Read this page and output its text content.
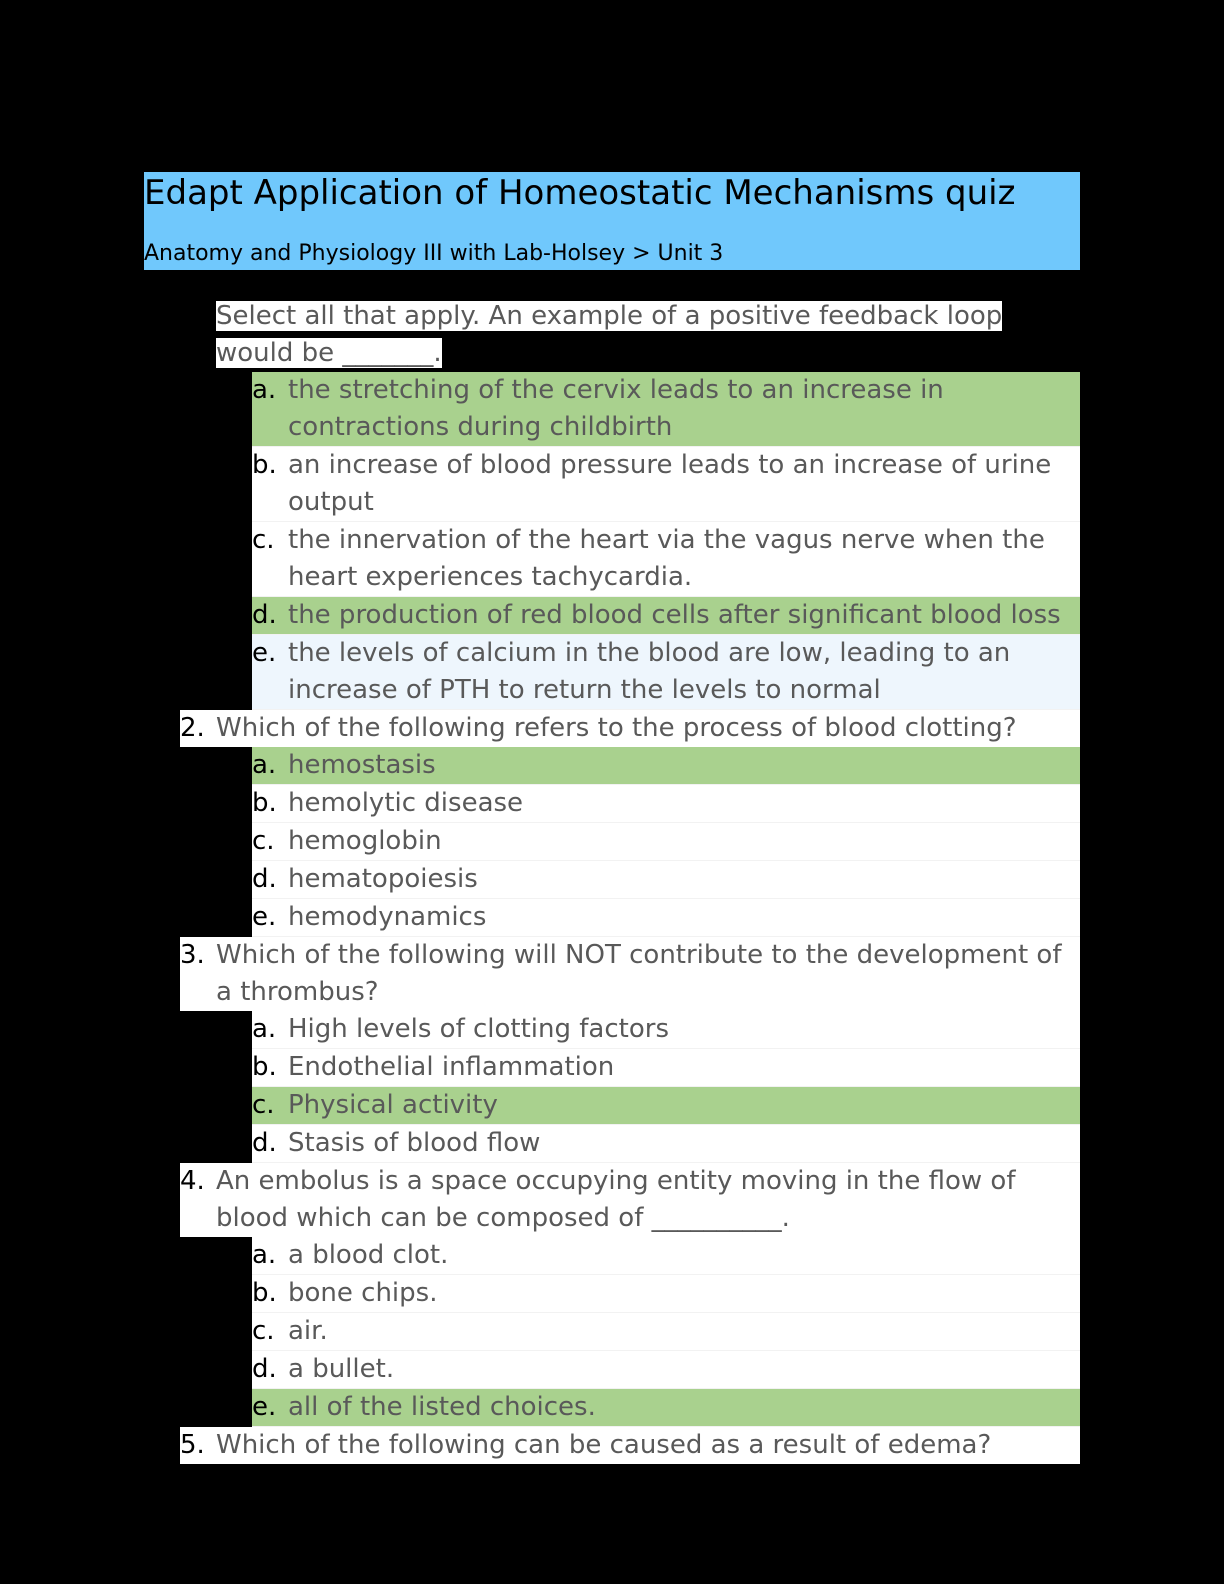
Edapt Application of Homeostatic Mechanisms quiz
Anatomy and Physiology III with Lab-Holsey > Unit 3
Select all that apply. An example of a positive feedback loop would be _______.
a. the stretching of the cervix leads to an increase in contractions during childbirth
b. an increase of blood pressure leads to an increase of urine output
c. the innervation of the heart via the vagus nerve when the heart experiences tachycardia.
d. the production of red blood cells after significant blood loss
e. the levels of calcium in the blood are low, leading to an increase of PTH to return the levels to normal
2. Which of the following refers to the process of blood clotting?
a. hemostasis
b. hemolytic disease
c. hemoglobin
d. hematopoiesis
e. hemodynamics
3. Which of the following will NOT contribute to the development of a thrombus?
a. High levels of clotting factors
b. Endothelial inflammation
c. Physical activity
d. Stasis of blood flow
4. An embolus is a space occupying entity moving in the flow of blood which can be composed of __________.
a. a blood clot.
b. bone chips.
c. air.
d. a bullet.
e. all of the listed choices.
5. Which of the following can be caused as a result of edema?
